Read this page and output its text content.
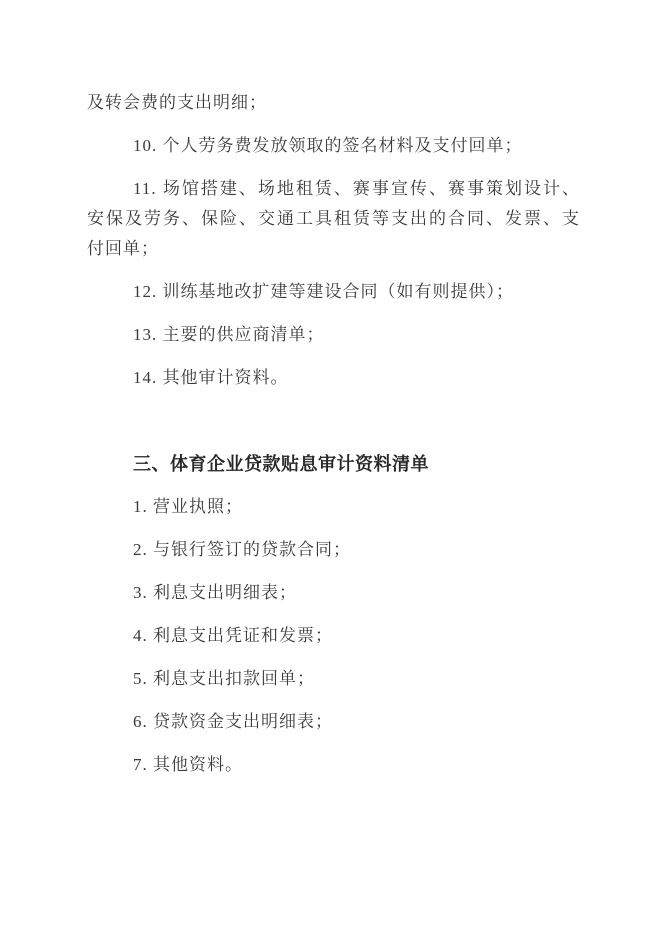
及转会费的支出明细；
10. 个人劳务费发放领取的签名材料及支付回单；
11. 场馆搭建、场地租赁、赛事宣传、赛事策划设计、
安保及劳务、保险、交通工具租赁等支出的合同、发票、支
付回单；
12. 训练基地改扩建等建设合同（如有则提供）；
13. 主要的供应商清单；
14. 其他审计资料。
三、体育企业贷款贴息审计资料清单
1. 营业执照；
2. 与银行签订的贷款合同；
3. 利息支出明细表；
4. 利息支出凭证和发票；
5. 利息支出扣款回单；
6. 贷款资金支出明细表；
7. 其他资料。
